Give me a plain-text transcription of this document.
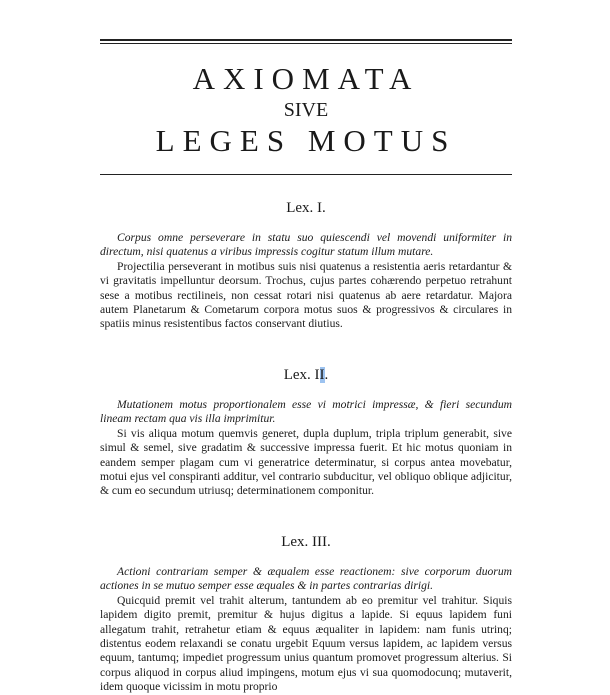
AXIOMATA

SIVE

LEGES MOTUS

Lex. I.

Corpus omne perseverare in statu suo quiescendi vel movendi uniformiter in directum, nisi quatenus a viribus impressis cogitur statum illum mutare.

Projectilia perseverant in motibus suis nisi quatenus a resistentia aeris retardantur & vi gravitatis impelluntur deorsum. Trochus, cujus partes cohærendo perpetuo retrahunt sese a motibus rectilineis, non cessat rotari nisi quatenus ab aere retardatur. Majora autem Planetarum & Cometarum corpora motus suos & progressivos & circulares in spatiis minus resistentibus factos conservant diutius.

Lex. II.

Mutationem motus proportionalem esse vi motrici impressæ, & fieri secundum lineam rectam qua vis illa imprimitur.

Si vis aliqua motum quemvis generet, dupla duplum, tripla triplum generabit, sive simul & semel, sive gradatim & successive impressa fuerit. Et hic motus quoniam in eandem semper plagam cum vi generatrice determinatur, si corpus antea movebatur, motui ejus vel conspiranti additur, vel contrario subducitur, vel obliquo oblique adjicitur, & cum eo secundum utriusq; determinationem componitur.

Lex. III.

Actioni contrariam semper & æqualem esse reactionem: sive corporum duorum actiones in se mutuo semper esse æquales & in partes contrarias dirigi.

Quicquid premit vel trahit alterum, tantundem ab eo premitur vel trahitur. Siquis lapidem digito premit, premitur & hujus digitus a lapide. Si equus lapidem funi allegatum trahit, retrahetur etiam & equus æqualiter in lapidem: nam funis utrinq; distentus eodem relaxandi se conatu urgebit Equum versus lapidem, ac lapidem versus equum, tantumq; impediet progressum unius quantum promovet progressum alterius. Si corpus aliquod in corpus aliud impingens, motum ejus vi sua quomodocunq; mutaverit, idem quoque vicissim in motu proprio
